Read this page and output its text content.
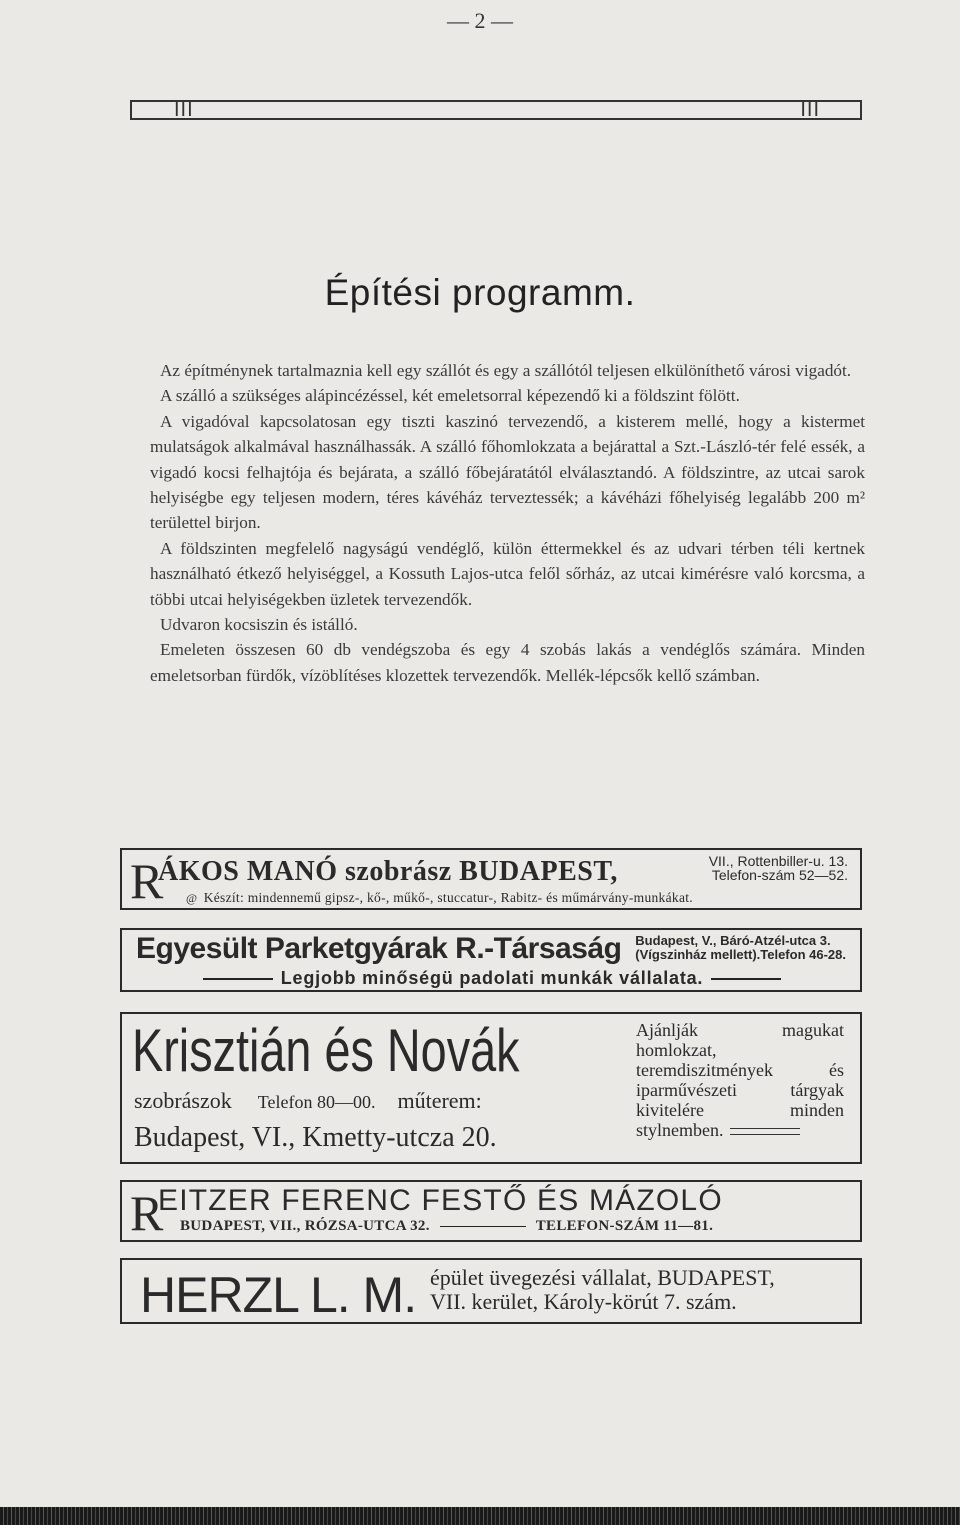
— 2 —
III	III
Építési programm.

Az építménynek tartalmaznia kell egy szállót és egy a szállótól teljesen elkülöníthető városi vigadót.

A szálló a szükséges alápincézéssel, két emeletsorral képezendő ki a földszint fölött.

A vigadóval kapcsolatosan egy tiszti kaszinó tervezendő, a kisterem mellé, hogy a kistermet mulatságok alkalmával használhassák. A szálló főhomlokzata a bejárattal a Szt.-László-tér felé essék, a vigadó kocsi felhajtója és bejárata, a szálló főbejáratától elválasztandó. A földszintre, az utcai sarok helyiségbe egy teljesen modern, téres kávéház terveztessék; a kávéházi főhelyiség legalább 200 m² területtel birjon.

A földszinten megfelelő nagyságú vendéglő, külön éttermekkel és az udvari térben téli kertnek használható étkező helyiséggel, a Kossuth Lajos-utca felől sőrház, az utcai kimérésre való korcsma, a többi utcai helyiségekben üzletek tervezendők.

Udvaron kocsiszin és istálló.

Emeleten összesen 60 db vendégszoba és egy 4 szobás lakás a vendéglős számára. Minden emeletsorban fürdők, vízöblítéses klozettek tervezendők. Mellék-lépcsők kellő számban.

R
ÁKOS MANÓ szobrász BUDAPEST,	VII., Rottenbiller-u. 13.
Telefon-szám 52—52.
@ Készít: mindennemű gipsz-, kő-, műkő-, stuccatur-, Rabitz- és műmárvány-munkákat.
Egyesült Parketgyárak R.-Társaság Budapest, V., Báró-Atzél-utca 3.
(Vígszinház mellett).Telefon 46-28.
Legjobb minőségü padolati munkák vállalata.
Krisztián és Novák
szobrászok Telefon 80—00. műterem:
Budapest, VI., Kmetty-utcza 20.
Ajánlják magukat homlokzat, teremdiszitmények és iparművészeti tárgyak kivitelére minden stylnemben.
R
EITZER FERENC FESTŐ ÉS MÁZOLÓ
BUDAPEST, VII., RÓZSA-UTCA 32.	TELEFON-SZÁM 11—81.
HERZL L. M. épület üvegezési vállalat, BUDAPEST,
VII. kerület, Károly-körút 7. szám.
